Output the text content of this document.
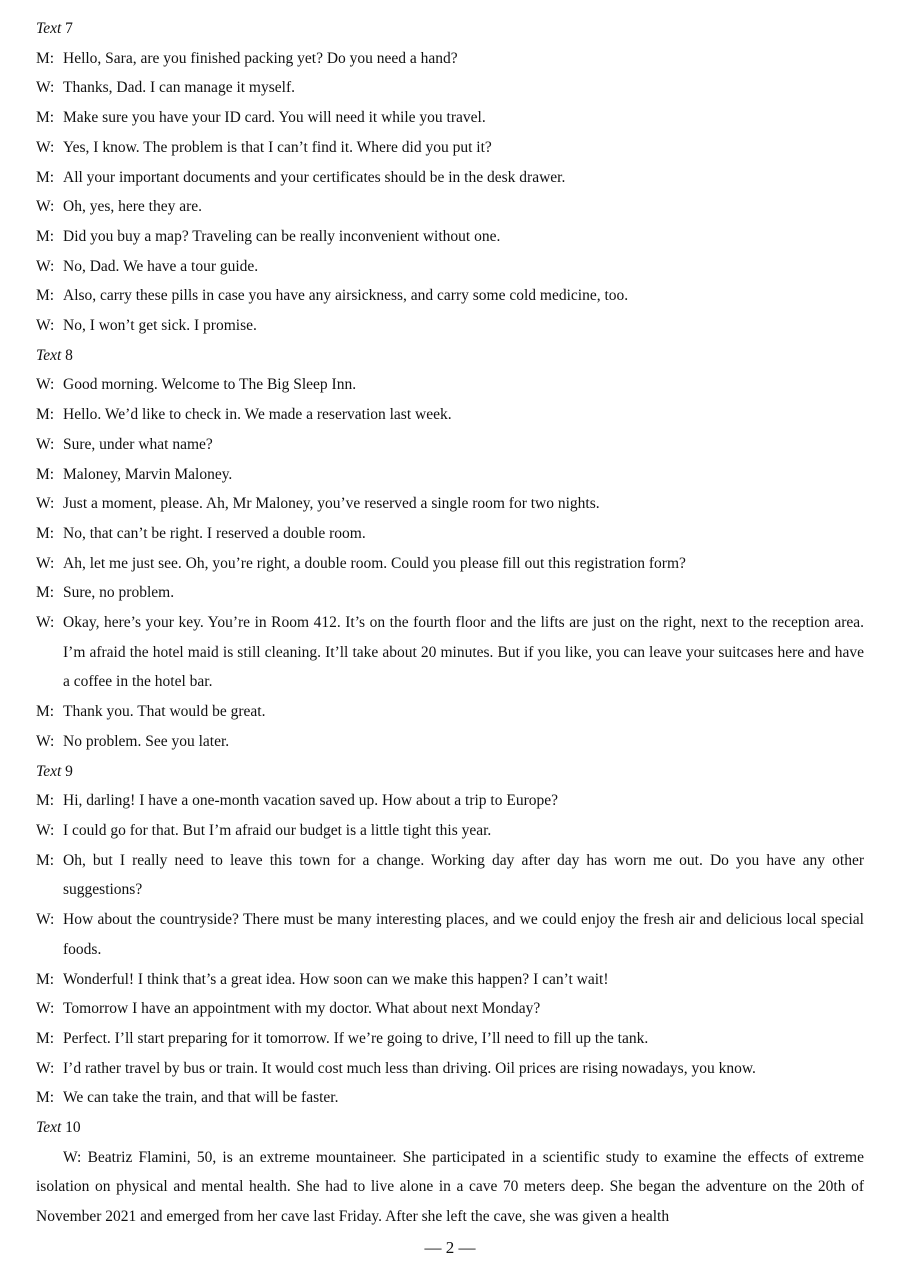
Text 7

M: Hello, Sara, are you finished packing yet? Do you need a hand?

W: Thanks, Dad. I can manage it myself.

M: Make sure you have your ID card. You will need it while you travel.

W: Yes, I know. The problem is that I can’t find it. Where did you put it?

M: All your important documents and your certificates should be in the desk drawer.

W: Oh, yes, here they are.

M: Did you buy a map? Traveling can be really inconvenient without one.

W: No, Dad. We have a tour guide.

M: Also, carry these pills in case you have any airsickness, and carry some cold medicine, too.

W: No, I won’t get sick. I promise.

Text 8

W: Good morning. Welcome to The Big Sleep Inn.

M: Hello. We’d like to check in. We made a reservation last week.

W: Sure, under what name?

M: Maloney, Marvin Maloney.

W: Just a moment, please. Ah, Mr Maloney, you’ve reserved a single room for two nights.

M: No, that can’t be right. I reserved a double room.

W: Ah, let me just see. Oh, you’re right, a double room. Could you please fill out this registration form?

M: Sure, no problem.

W: Okay, here’s your key. You’re in Room 412. It’s on the fourth floor and the lifts are just on the right, next to the reception area. I’m afraid the hotel maid is still cleaning. It’ll take about 20 minutes. But if you like, you can leave your suitcases here and have a coffee in the hotel bar.

M: Thank you. That would be great.

W: No problem. See you later.

Text 9

M: Hi, darling! I have a one-month vacation saved up. How about a trip to Europe?

W: I could go for that. But I’m afraid our budget is a little tight this year.

M: Oh, but I really need to leave this town for a change. Working day after day has worn me out. Do you have any other suggestions?

W: How about the countryside? There must be many interesting places, and we could enjoy the fresh air and delicious local special foods.

M: Wonderful! I think that’s a great idea. How soon can we make this happen? I can’t wait!

W: Tomorrow I have an appointment with my doctor. What about next Monday?

M: Perfect. I’ll start preparing for it tomorrow. If we’re going to drive, I’ll need to fill up the tank.

W: I’d rather travel by bus or train. It would cost much less than driving. Oil prices are rising nowadays, you know.

M: We can take the train, and that will be faster.

Text 10

W: Beatriz Flamini, 50, is an extreme mountaineer. She participated in a scientific study to examine the effects of extreme isolation on physical and mental health. She had to live alone in a cave 70 meters deep. She began the adventure on the 20th of November 2021 and emerged from her cave last Friday. After she left the cave, she was given a health

— 2 —
